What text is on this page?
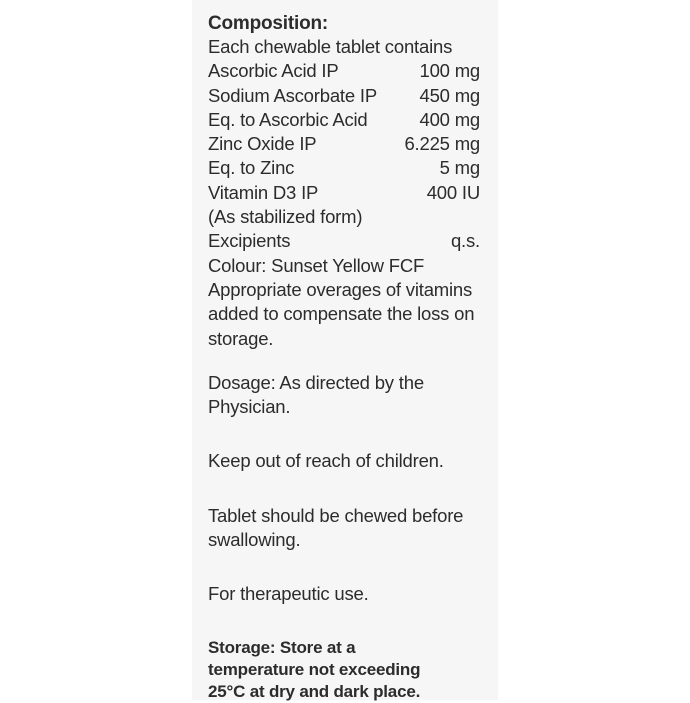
Composition:
Each chewable tablet contains
Ascorbic Acid IP	100 mg
Sodium Ascorbate IP 450 mg
Eq. to Ascorbic Acid	400 mg
Zinc Oxide IP	6.225 mg
Eq. to Zinc	5 mg
Vitamin D3 IP	400 IU
(As stabilized form)
Excipients	q.s.
Colour: Sunset Yellow FCF
Appropriate overages of vitamins
added to compensate the loss on
storage.
Dosage: As directed by the
Physician.
Keep out of reach of children.
Tablet should be chewed before
swallowing.
For therapeutic use.
Storage: Store at a
temperature not exceeding
25°C at dry and dark place.
